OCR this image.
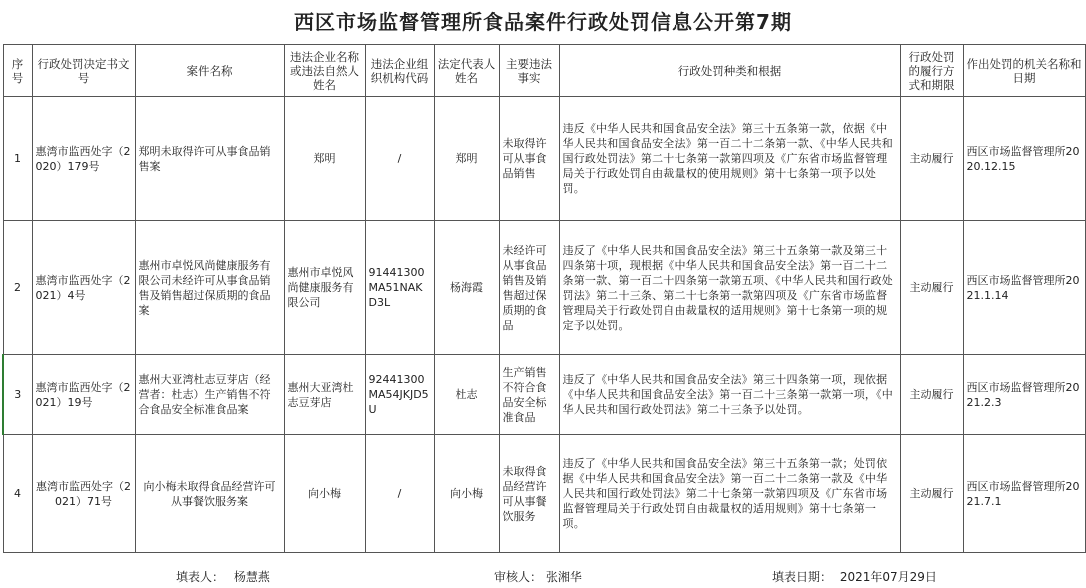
西区市场监督管理所食品案件行政处罚信息公开第7期
序号	行政处罚决定书文号	案件名称	违法企业名称或违法自然人姓名	违法企业组织机构代码	法定代表人姓名	主要违法事实	行政处罚种类和根据	行政处罚的履行方式和期限	作出处罚的机关名称和日期
1	惠湾市监西处字（2020）179号	郑明未取得许可从事食品销售案	郑明	/	郑明	未取得许可从事食品销售	违反《中华人民共和国食品安全法》第三十五条第一款，依据《中华人民共和国食品安全法》第一百二十二条第一款、《中华人民共和国行政处罚法》第二十七条第一款第四项及《广东省市场监督管理局关于行政处罚自由裁量权的使用规则》第十七条第一项予以处罚。	主动履行	西区市场监督管理所2020.12.15
2	惠湾市监西处字（2021）4号	惠州市卓悦风尚健康服务有限公司未经许可从事食品销售及销售超过保质期的食品案	惠州市卓悦风尚健康服务有限公司	91441300MA51NAKD3L	杨海霞	未经许可从事食品销售及销售超过保质期的食品	违反了《中华人民共和国食品安全法》第三十五条第一款及第三十四条第十项，现根据《中华人民共和国食品安全法》第一百二十二条第一款、第一百二十四条第一款第五项、《中华人民共和国行政处罚法》第二十三条、第二十七条第一款第四项及《广东省市场监督管理局关于行政处罚自由裁量权的适用规则》第十七条第一项的规定予以处罚。	主动履行	西区市场监督管理所2021.1.14
3	惠湾市监西处字（2021）19号	惠州大亚湾杜志豆芽店（经营者：杜志）生产销售不符合食品安全标准食品案	惠州大亚湾杜志豆芽店	92441300MA54JKJD5U	杜志	生产销售不符合食品安全标准食品	违反了《中华人民共和国食品安全法》第三十四条第一项，现依据《中华人民共和国食品安全法》第一百二十三条第一款第一项，《中华人民共和国行政处罚法》第二十三条予以处罚。	主动履行	西区市场监督管理所2021.2.3
4	惠湾市监西处字（2021）71号	向小梅未取得食品经营许可从事餐饮服务案	向小梅	/	向小梅	未取得食品经营许可从事餐饮服务	违反了《中华人民共和国食品安全法》第三十五条第一款；处罚依据《中华人民共和国食品安全法》第一百二十二条第一款及《中华人民共和国行政处罚法》第二十七条第一款第四项及《广东省市场监督管理局关于行政处罚自由裁量权的适用规则》第十七条第一项。	主动履行	西区市场监督管理所2021.7.1
填表人： 杨慧燕	审核人： 张湘华	填表日期： 2021年07月29日
